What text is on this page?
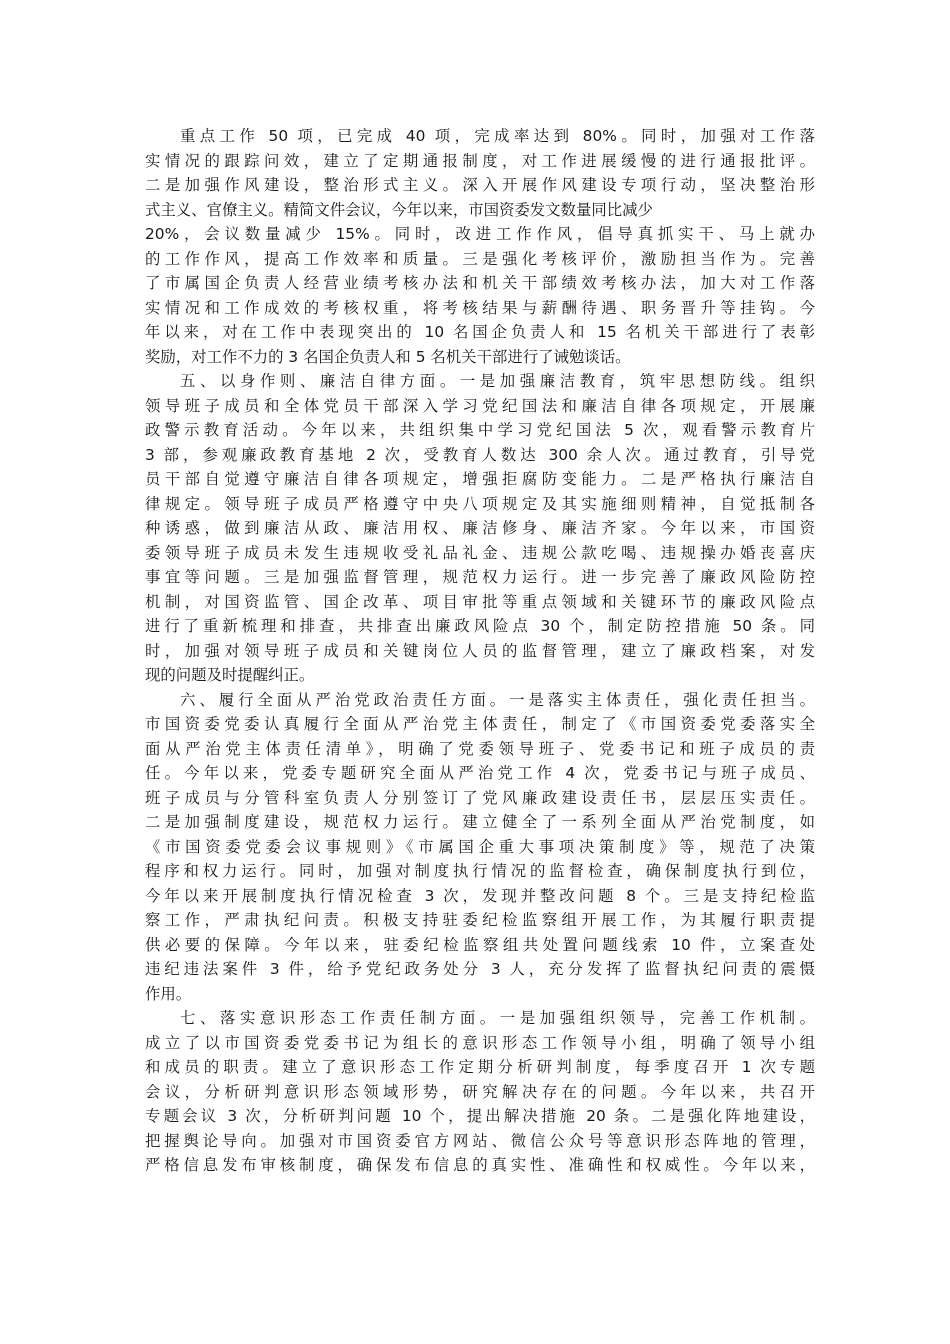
重点工作 50 项，已完成 40 项，完成率达到 80%。同时，加强对工作落
实情况的跟踪问效，建立了定期通报制度，对工作进展缓慢的进行通报批评。
二是加强作风建设，整治形式主义。深入开展作风建设专项行动，坚决整治形
式主义、官僚主义。精简文件会议，今年以来，市国资委发文数量同比减少
20%，会议数量减少 15%。同时，改进工作作风，倡导真抓实干、马上就办
的工作作风，提高工作效率和质量。三是强化考核评价，激励担当作为。完善
了市属国企负责人经营业绩考核办法和机关干部绩效考核办法，加大对工作落
实情况和工作成效的考核权重，将考核结果与薪酬待遇、职务晋升等挂钩。今
年以来，对在工作中表现突出的 10 名国企负责人和 15 名机关干部进行了表彰
奖励，对工作不力的 3 名国企负责人和 5 名机关干部进行了诫勉谈话。
五、以身作则、廉洁自律方面。一是加强廉洁教育，筑牢思想防线。组织
领导班子成员和全体党员干部深入学习党纪国法和廉洁自律各项规定，开展廉
政警示教育活动。今年以来，共组织集中学习党纪国法 5 次，观看警示教育片
3 部，参观廉政教育基地 2 次，受教育人数达 300 余人次。通过教育，引导党
员干部自觉遵守廉洁自律各项规定，增强拒腐防变能力。二是严格执行廉洁自
律规定。领导班子成员严格遵守中央八项规定及其实施细则精神，自觉抵制各
种诱惑，做到廉洁从政、廉洁用权、廉洁修身、廉洁齐家。今年以来，市国资
委领导班子成员未发生违规收受礼品礼金、违规公款吃喝、违规操办婚丧喜庆
事宜等问题。三是加强监督管理，规范权力运行。进一步完善了廉政风险防控
机制，对国资监管、国企改革、项目审批等重点领域和关键环节的廉政风险点
进行了重新梳理和排查，共排查出廉政风险点 30 个，制定防控措施 50 条。同
时，加强对领导班子成员和关键岗位人员的监督管理，建立了廉政档案，对发
现的问题及时提醒纠正。
六、履行全面从严治党政治责任方面。一是落实主体责任，强化责任担当。
市国资委党委认真履行全面从严治党主体责任，制定了《市国资委党委落实全
面从严治党主体责任清单》，明确了党委领导班子、党委书记和班子成员的责
任。今年以来，党委专题研究全面从严治党工作 4 次，党委书记与班子成员、
班子成员与分管科室负责人分别签订了党风廉政建设责任书，层层压实责任。
二是加强制度建设，规范权力运行。建立健全了一系列全面从严治党制度，如
《市国资委党委会议事规则》《市属国企重大事项决策制度》等，规范了决策
程序和权力运行。同时，加强对制度执行情况的监督检查，确保制度执行到位，
今年以来开展制度执行情况检查 3 次，发现并整改问题 8 个。三是支持纪检监
察工作，严肃执纪问责。积极支持驻委纪检监察组开展工作，为其履行职责提
供必要的保障。今年以来，驻委纪检监察组共处置问题线索 10 件，立案查处
违纪违法案件 3 件，给予党纪政务处分 3 人，充分发挥了监督执纪问责的震慑
作用。
七、落实意识形态工作责任制方面。一是加强组织领导，完善工作机制。
成立了以市国资委党委书记为组长的意识形态工作领导小组，明确了领导小组
和成员的职责。建立了意识形态工作定期分析研判制度，每季度召开 1 次专题
会议，分析研判意识形态领域形势，研究解决存在的问题。今年以来，共召开
专题会议 3 次，分析研判问题 10 个，提出解决措施 20 条。二是强化阵地建设，
把握舆论导向。加强对市国资委官方网站、微信公众号等意识形态阵地的管理，
严格信息发布审核制度，确保发布信息的真实性、准确性和权威性。今年以来，
